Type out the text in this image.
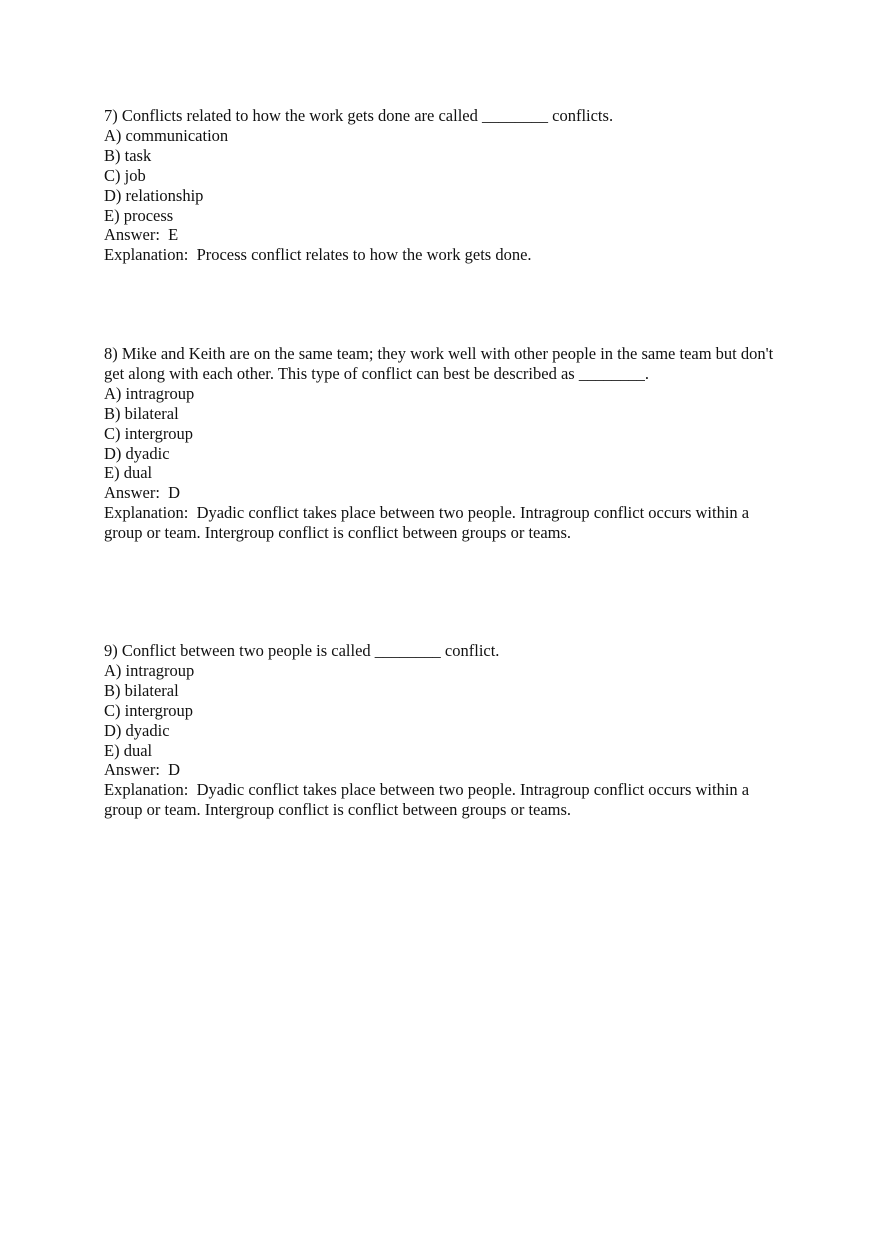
7) Conflicts related to how the work gets done are called ________ conflicts.

A) communication

B) task

C) job

D) relationship

E) process

Answer:  E

Explanation:  Process conflict relates to how the work gets done.

8) Mike and Keith are on the same team; they work well with other people in the same team but don't get along with each other. This type of conflict can best be described as ________.

A) intragroup

B) bilateral

C) intergroup

D) dyadic

E) dual

Answer:  D

Explanation:  Dyadic conflict takes place between two people. Intragroup conflict occurs within a group or team. Intergroup conflict is conflict between groups or teams.

9) Conflict between two people is called ________ conflict.

A) intragroup

B) bilateral

C) intergroup

D) dyadic

E) dual

Answer:  D

Explanation:  Dyadic conflict takes place between two people. Intragroup conflict occurs within a group or team. Intergroup conflict is conflict between groups or teams.
